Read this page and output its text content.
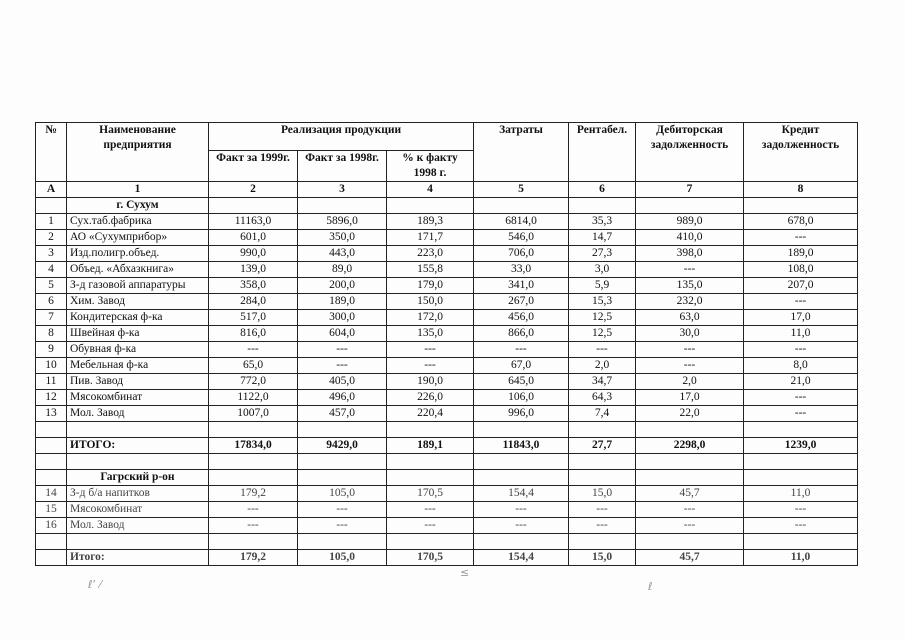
№	Наименование предприятия	Реализация продукции			Затраты	Рентабел.	Дебиторская задолженность	Кредит задолженность
		Факт за 1999г.	Факт за 1998г.	% к факту 1998 г.				
А	1	2	3	4	5	6	7	8
	г. Сухум							
1	Сух.таб.фабрика	11163,0	5896,0	189,3	6814,0	35,3	989,0	678,0
2	АО «Сухумприбор»	601,0	350,0	171,7	546,0	14,7	410,0	---
3	Изд.полигр.объед.	990,0	443,0	223,0	706,0	27,3	398,0	189,0
4	Объед. «Абхазкнига»	139,0	89,0	155,8	33,0	3,0	---	108,0
5	З-д газовой аппаратуры	358,0	200,0	179,0	341,0	5,9	135,0	207,0
6	Хим. Завод	284,0	189,0	150,0	267,0	15,3	232,0	---
7	Кондитерская ф-ка	517,0	300,0	172,0	456,0	12,5	63,0	17,0
8	Швейная ф-ка	816,0	604,0	135,0	866,0	12,5	30,0	11,0
9	Обувная ф-ка	---	---	---	---	---	---	---
10	Мебельная ф-ка	65,0	---	---	67,0	2,0	---	8,0
11	Пив. Завод	772,0	405,0	190,0	645,0	34,7	2,0	21,0
12	Мясокомбинат	1122,0	496,0	226,0	106,0	64,3	17,0	---
13	Мол. Завод	1007,0	457,0	220,4	996,0	7,4	22,0	---

	ИТОГО:	17834,0	9429,0	189,1	11843,0	27,7	2298,0	1239,0

	Гагрский р-он							
14	З-д б/а напитков	179,2	105,0	170,5	154,4	15,0	45,7	11,0
15	Мясокомбинат	---	---	---	---	---	---	---
16	Мол. Завод	---	---	---	---	---	---	---

	Итого:	179,2	105,0	170,5	154,4	15,0	45,7	11,0
ℓ’ ⁄
≤
ℓ
